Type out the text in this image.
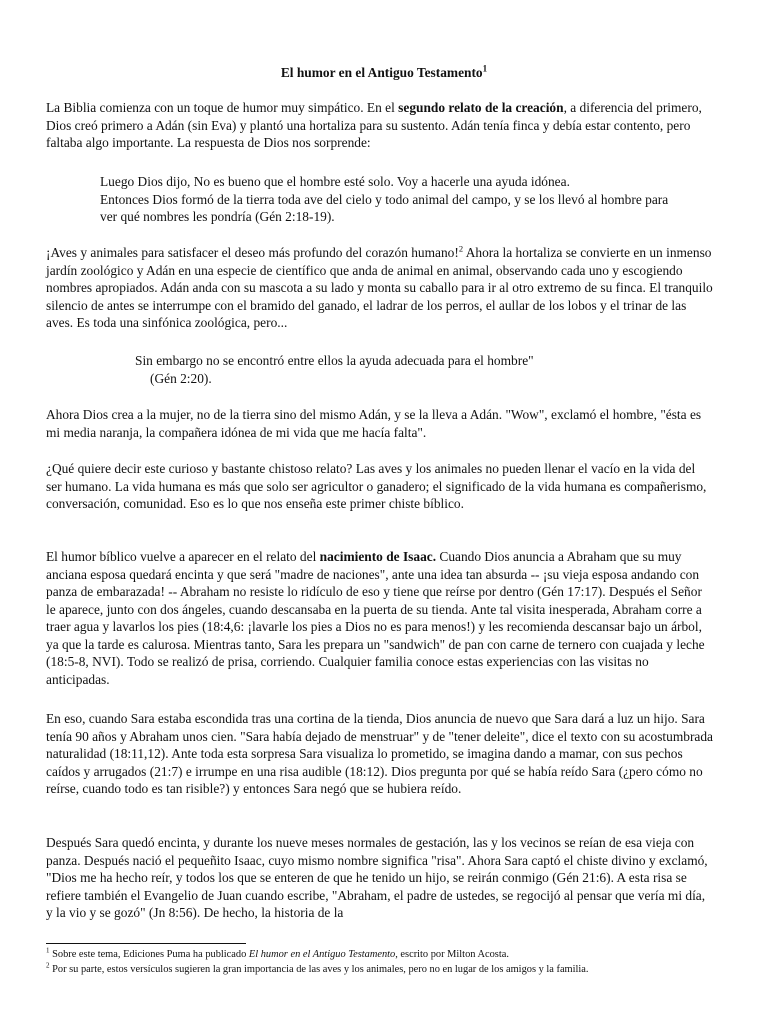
El humor en el Antiguo Testamento$^1$

La Biblia comienza con un toque de humor muy simpático. En el segundo relato de la creación, a diferencia del primero, Dios creó primero a Adán (sin Eva) y plantó una hortaliza para su sustento. Adán tenía finca y debía estar contento, pero faltaba algo importante. La respuesta de Dios nos sorprende:

Luego Dios dijo, No es bueno que el hombre esté solo. Voy a hacerle una ayuda idónea.
Entonces Dios formó de la tierra toda ave del cielo y todo animal del campo, y se los llevó al hombre para ver qué nombres les pondría (Gén 2:18-19).

¡Aves y animales para satisfacer el deseo más profundo del corazón humano!$^2$ Ahora la hortaliza se convierte en un inmenso jardín zoológico y Adán en una especie de científico que anda de animal en animal, observando cada uno y escogiendo nombres apropiados. Adán anda con su mascota a su lado y monta su caballo para ir al otro extremo de su finca. El tranquilo silencio de antes se interrumpe con el bramido del ganado, el ladrar de los perros, el aullar de los lobos y el trinar de las aves. Es toda una sinfónica zoológica, pero...

Sin embargo no se encontró entre ellos la ayuda adecuada para el hombre"
(Gén 2:20).

Ahora Dios crea a la mujer, no de la tierra sino del mismo Adán, y se la lleva a Adán. "Wow", exclamó el hombre, "ésta es mi media naranja, la compañera idónea de mi vida que me hacía falta".

¿Qué quiere decir este curioso y bastante chistoso relato? Las aves y los animales no pueden llenar el vacío en la vida del ser humano. La vida humana es más que solo ser agricultor o ganadero; el significado de la vida humana es compañerismo, conversación, comunidad. Eso es lo que nos enseña este primer chiste bíblico.

El humor bíblico vuelve a aparecer en el relato del nacimiento de Isaac. Cuando Dios anuncia a Abraham que su muy anciana esposa quedará encinta y que será "madre de naciones", ante una idea tan absurda -- ¡su vieja esposa andando con panza de embarazada! -- Abraham no resiste lo ridículo de eso y tiene que reírse por dentro (Gén 17:17). Después el Señor le aparece, junto con dos ángeles, cuando descansaba en la puerta de su tienda. Ante tal visita inesperada, Abraham corre a traer agua y lavarlos los pies (18:4,6: ¡lavarle los pies a Dios no es para menos!) y les recomienda descansar bajo un árbol, ya que la tarde es calurosa. Mientras tanto, Sara les prepara un "sandwich" de pan con carne de ternero con cuajada y leche (18:5-8, NVI). Todo se realizó de prisa, corriendo. Cualquier familia conoce estas experiencias con las visitas no anticipadas.

En eso, cuando Sara estaba escondida tras una cortina de la tienda, Dios anuncia de nuevo que Sara dará a luz un hijo. Sara tenía 90 años y Abraham unos cien. "Sara había dejado de menstruar" y de "tener deleite", dice el texto con su acostumbrada naturalidad (18:11,12). Ante toda esta sorpresa Sara visualiza lo prometido, se imagina dando a mamar, con sus pechos caídos y arrugados (21:7) e irrumpe en una risa audible (18:12). Dios pregunta por qué se había reído Sara (¿pero cómo no reírse, cuando todo es tan risible?) y entonces Sara negó que se hubiera reído.

Después Sara quedó encinta, y durante los nueve meses normales de gestación, las y los vecinos se reían de esa vieja con panza. Después nació el pequeñito Isaac, cuyo mismo nombre significa "risa". Ahora Sara captó el chiste divino y exclamó, "Dios me ha hecho reír, y todos los que se enteren de que he tenido un hijo, se reirán conmigo (Gén 21:6). A esta risa se refiere también el Evangelio de Juan cuando escribe, "Abraham, el padre de ustedes, se regocijó al pensar que vería mi día, y la vio y se gozó" (Jn 8:56). De hecho, la historia de la

$^1$ Sobre este tema, Ediciones Puma ha publicado El humor en el Antiguo Testamento, escrito por Milton Acosta.

$^2$ Por su parte, estos versículos sugieren la gran importancia de las aves y los animales, pero no en lugar de los amigos y la familia.
